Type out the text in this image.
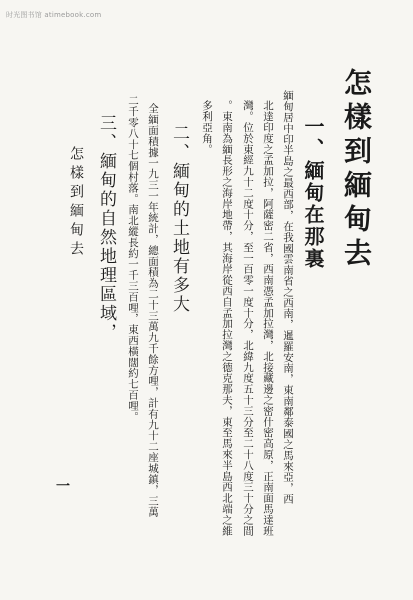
时光图书馆 atimebook.com
怎樣到緬甸去
一、緬甸在那裏
緬甸居中印半島之最西部，在我國雲南省之西南，暹羅安南，東南鄰泰國之馬來亞，西
北達印度之孟加拉，阿薩密二省，西南憑孟加拉灣，北接藏邊之密什密高原，正南面馬達班
灣。位於東經九十二度十分，至一百零一度十分，北緯九度五十三分至二十八度三十分之間
。東南為緬長形之海岸地帶，其海岸從西自孟加拉灣之德克那夫，東至馬來半島西北端之維
多利亞角。
二、緬甸的土地有多大
全緬面積據一九三一年統計，總面積為二十三萬九千餘方哩，計有九十二座城鎮，三萬
二千零八十七個村落。南北縱長約一千三百哩，東西橫闊約七百哩。
三、緬甸的自然地理區域，
怎樣到緬甸去
一
